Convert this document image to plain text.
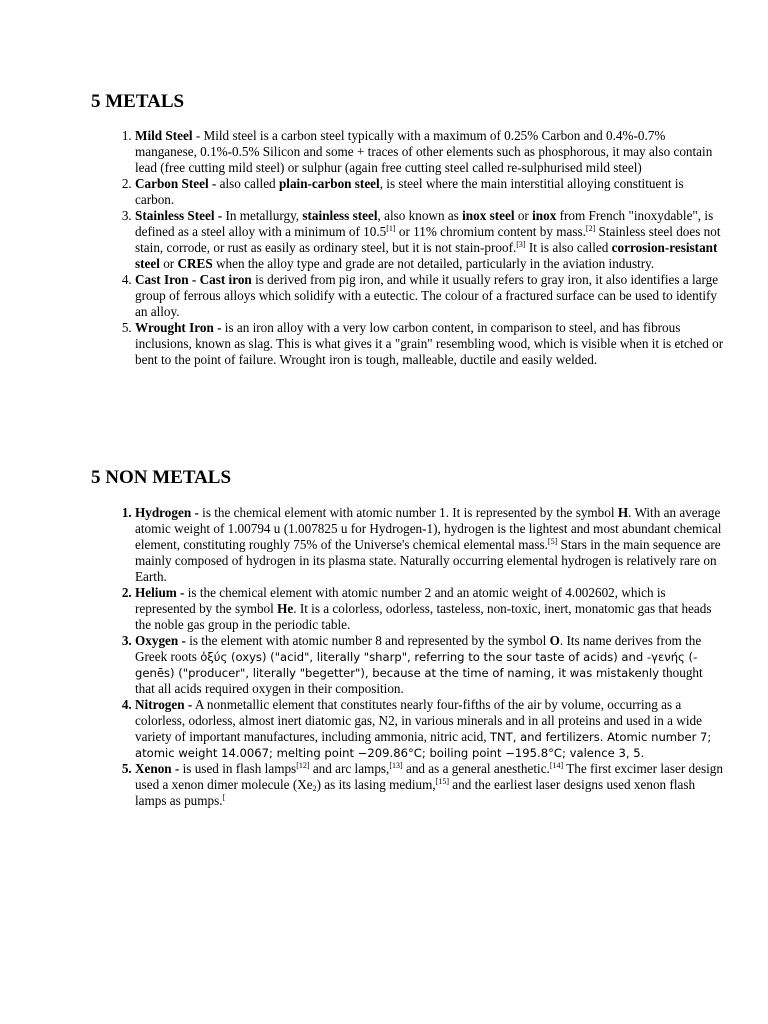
5 METALS
1. Mild Steel - Mild steel is a carbon steel typically with a maximum of 0.25% Carbon and 0.4%-0.7% manganese, 0.1%-0.5% Silicon and some + traces of other elements such as phosphorous, it may also contain lead (free cutting mild steel) or sulphur (again free cutting steel called re-sulphurised mild steel)
2. Carbon Steel - also called plain-carbon steel, is steel where the main interstitial alloying constituent is carbon.
3. Stainless Steel - In metallurgy, stainless steel, also known as inox steel or inox from French "inoxydable", is defined as a steel alloy with a minimum of 10.5[1] or 11% chromium content by mass.[2] Stainless steel does not stain, corrode, or rust as easily as ordinary steel, but it is not stain-proof.[3] It is also called corrosion-resistant steel or CRES when the alloy type and grade are not detailed, particularly in the aviation industry.
4. Cast Iron - Cast iron is derived from pig iron, and while it usually refers to gray iron, it also identifies a large group of ferrous alloys which solidify with a eutectic. The colour of a fractured surface can be used to identify an alloy.
5. Wrought Iron - is an iron alloy with a very low carbon content, in comparison to steel, and has fibrous inclusions, known as slag. This is what gives it a "grain" resembling wood, which is visible when it is etched or bent to the point of failure. Wrought iron is tough, malleable, ductile and easily welded.
5 NON METALS
1. Hydrogen - is the chemical element with atomic number 1. It is represented by the symbol H. With an average atomic weight of 1.00794 u (1.007825 u for Hydrogen-1), hydrogen is the lightest and most abundant chemical element, constituting roughly 75% of the Universe's chemical elemental mass.[5] Stars in the main sequence are mainly composed of hydrogen in its plasma state. Naturally occurring elemental hydrogen is relatively rare on Earth.
2. Helium - is the chemical element with atomic number 2 and an atomic weight of 4.002602, which is represented by the symbol He. It is a colorless, odorless, tasteless, non-toxic, inert, monatomic gas that heads the noble gas group in the periodic table.
3. Oxygen - is the element with atomic number 8 and represented by the symbol O. Its name derives from the Greek roots ὀξύς (oxys) ("acid", literally "sharp", referring to the sour taste of acids) and -γενής (-genēs) ("producer", literally "begetter"), because at the time of naming, it was mistakenly thought that all acids required oxygen in their composition.
4. Nitrogen - A nonmetallic element that constitutes nearly four-fifths of the air by volume, occurring as a colorless, odorless, almost inert diatomic gas, N2, in various minerals and in all proteins and used in a wide variety of important manufactures, including ammonia, nitric acid, TNT, and fertilizers. Atomic number 7; atomic weight 14.0067; melting point −209.86°C; boiling point −195.8°C; valence 3, 5.
5. Xenon - is used in flash lamps[12] and arc lamps,[13] and as a general anesthetic.[14] The first excimer laser design used a xenon dimer molecule $(Xe_2)$ as its lasing medium,[15] and the earliest laser designs used xenon flash lamps as pumps.[
